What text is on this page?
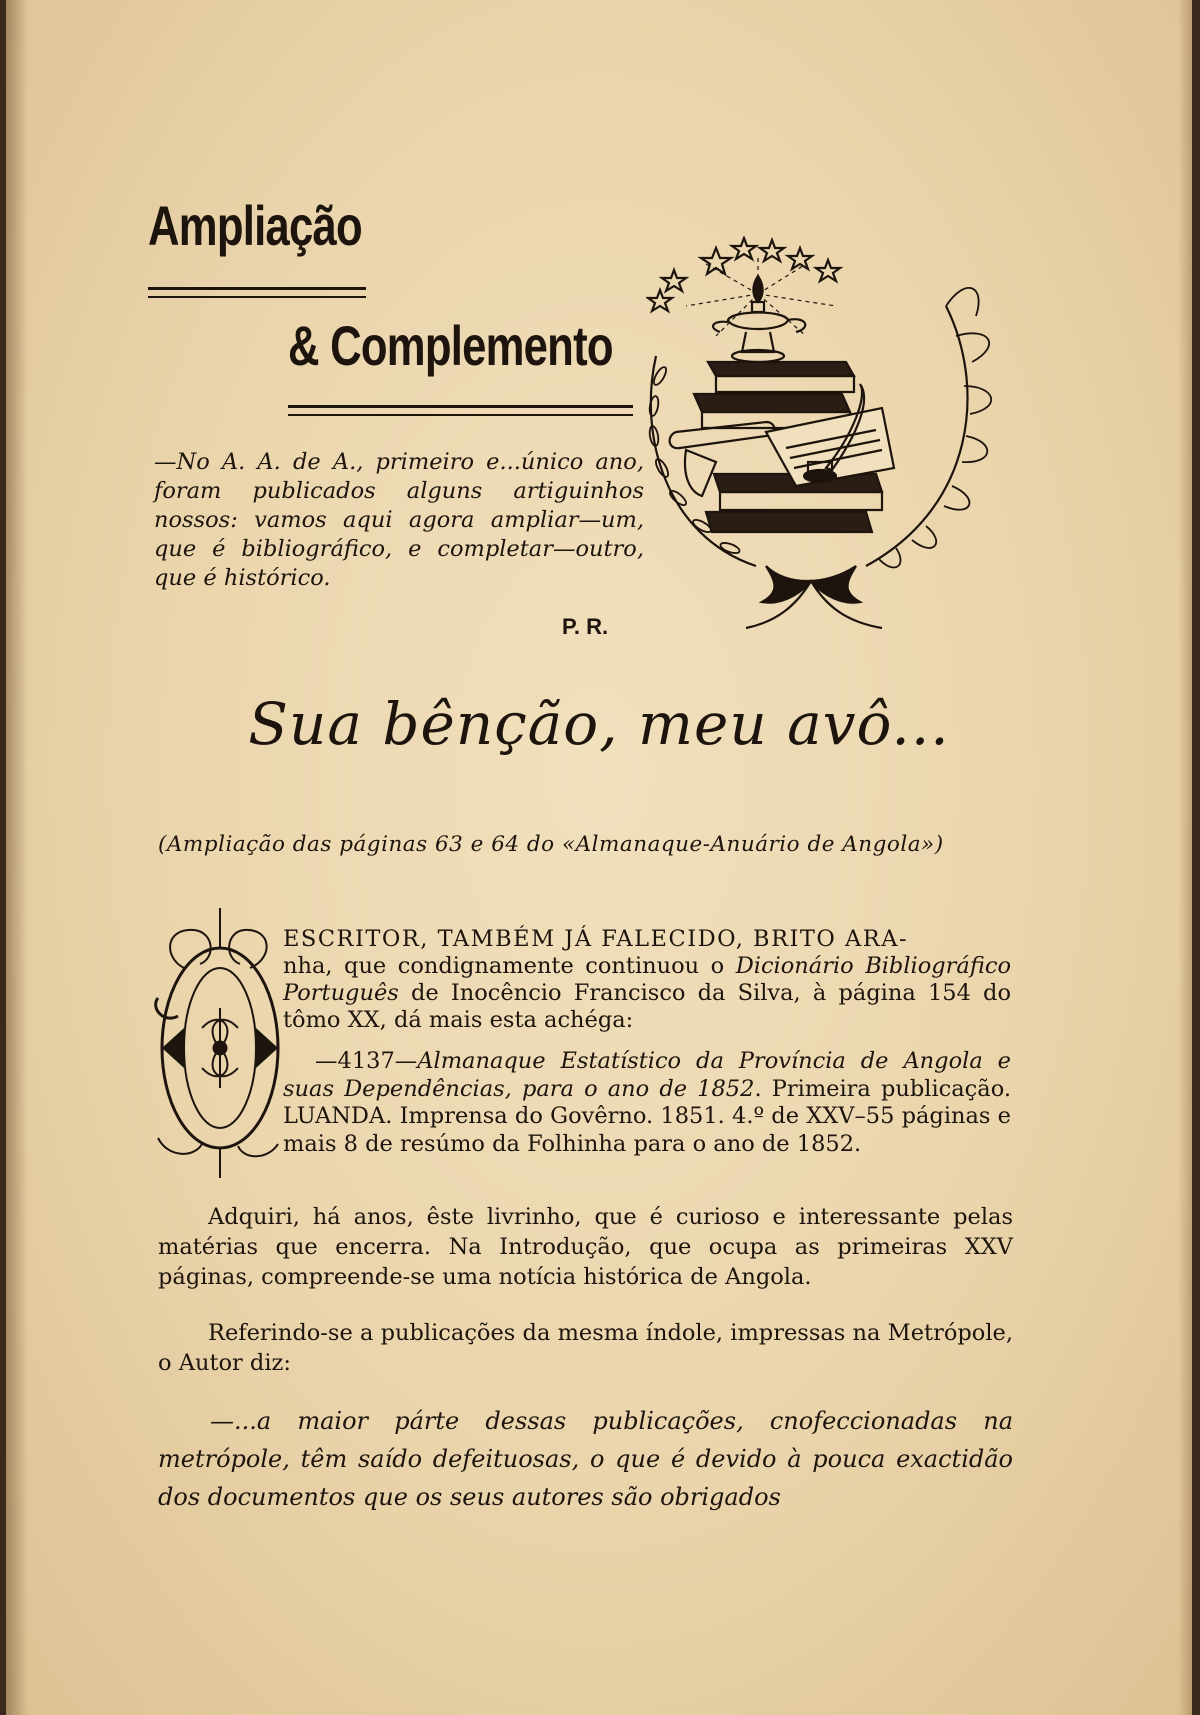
Ampliação
& Complemento
—No A. A. de A., primeiro e...único ano, foram publicados alguns artiguinhos nossos: vamos aqui agora ampliar—um, que é bibliográfico, e completar—outro, que é histórico.
P. R.
Sua bênção, meu avô...
(Ampliação das páginas 63 e 64 do «Almanaque-Anuário de Angola»)
ESCRITOR, TAMBÉM JÁ FALECIDO, BRITO ARA-
nha, que condignamente continuou o Dicionário Bibliográfico Português de Inocêncio Francisco da Silva, à página 154 do tômo XX, dá mais esta achéga:
—4137—Almanaque Estatístico da Província de Angola e suas Dependências, para o ano de 1852. Primeira publicação. LUANDA. Imprensa do Govêrno. 1851. 4.º de XXV–55 páginas e mais 8 de resúmo da Folhinha para o ano de 1852.
Adquiri, há anos, êste livrinho, que é curioso e interessante pelas matérias que encerra. Na Introdução, que ocupa as primeiras XXV páginas, compreende-se uma notícia histórica de Angola.
Referindo-se a publicações da mesma índole, impressas na Metrópole, o Autor diz:
—...a maior párte dessas publicações, cnofeccionadas na metrópole, têm saído defeituosas, o que é devido à pouca exactidão dos documentos que os seus autores são obrigados
